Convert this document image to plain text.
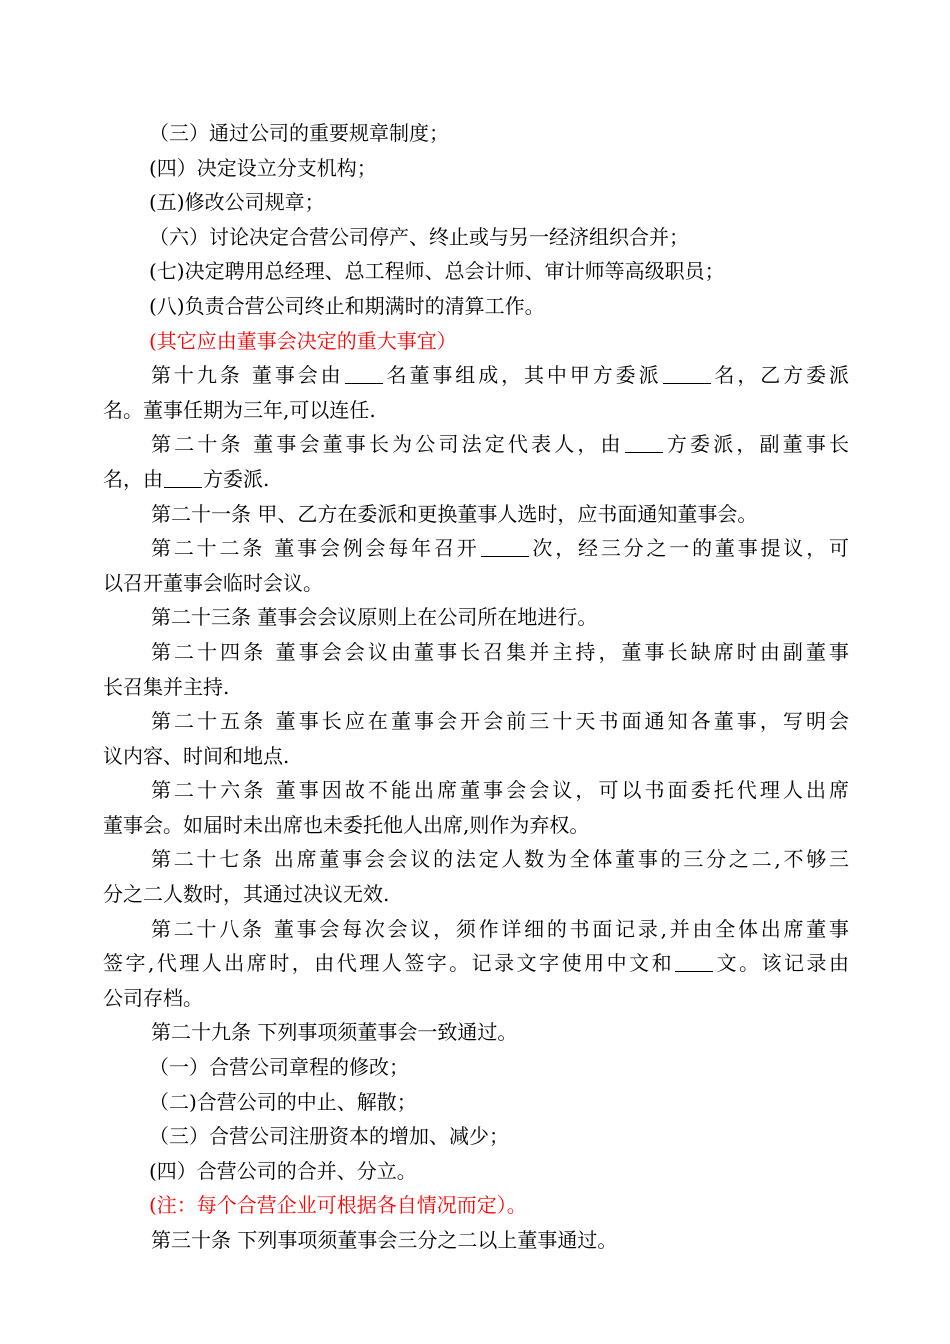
（三）通过公司的重要规章制度；
(四）决定设立分支机构；
(五)修改公司规章；
（六）讨论决定合营公司停产、终止或与另一经济组织合并；
(七)决定聘用总经理、总工程师、总会计师、审计师等高级职员；
(八)负责合营公司终止和期满时的清算工作。
(其它应由董事会决定的重大事宜）
第十九条 董事会由 名董事组成，其中甲方委派	名，乙方委派
名。董事任期为三年,可以连任.
第二十条 董事会董事长为公司法定代表人，由 方委派，副董事长
名，由 方委派.
第二十一条 甲、乙方在委派和更换董事人选时，应书面通知董事会。
第二十二条 董事会例会每年召开	次，经三分之一的董事提议，可
以召开董事会临时会议。
第二十三条 董事会会议原则上在公司所在地进行。
第二十四条 董事会会议由董事长召集并主持，董事长缺席时由副董事
长召集并主持.
第二十五条 董事长应在董事会开会前三十天书面通知各董事，写明会
议内容、时间和地点.
第二十六条 董事因故不能出席董事会会议，可以书面委托代理人出席
董事会。如届时未出席也未委托他人出席,则作为弃权。
第二十七条 出席董事会会议的法定人数为全体董事的三分之二,不够三
分之二人数时，其通过决议无效.
第二十八条 董事会每次会议，须作详细的书面记录,并由全体出席董事
签字,代理人出席时，由代理人签字。记录文字使用中文和 文。该记录由
公司存档。
第二十九条 下列事项须董事会一致通过。
（一）合营公司章程的修改；
（二)合营公司的中止、解散；
（三）合营公司注册资本的增加、减少；
(四）合营公司的合并、分立。
(注：每个合营企业可根据各自情况而定）。
第三十条 下列事项须董事会三分之二以上董事通过。
